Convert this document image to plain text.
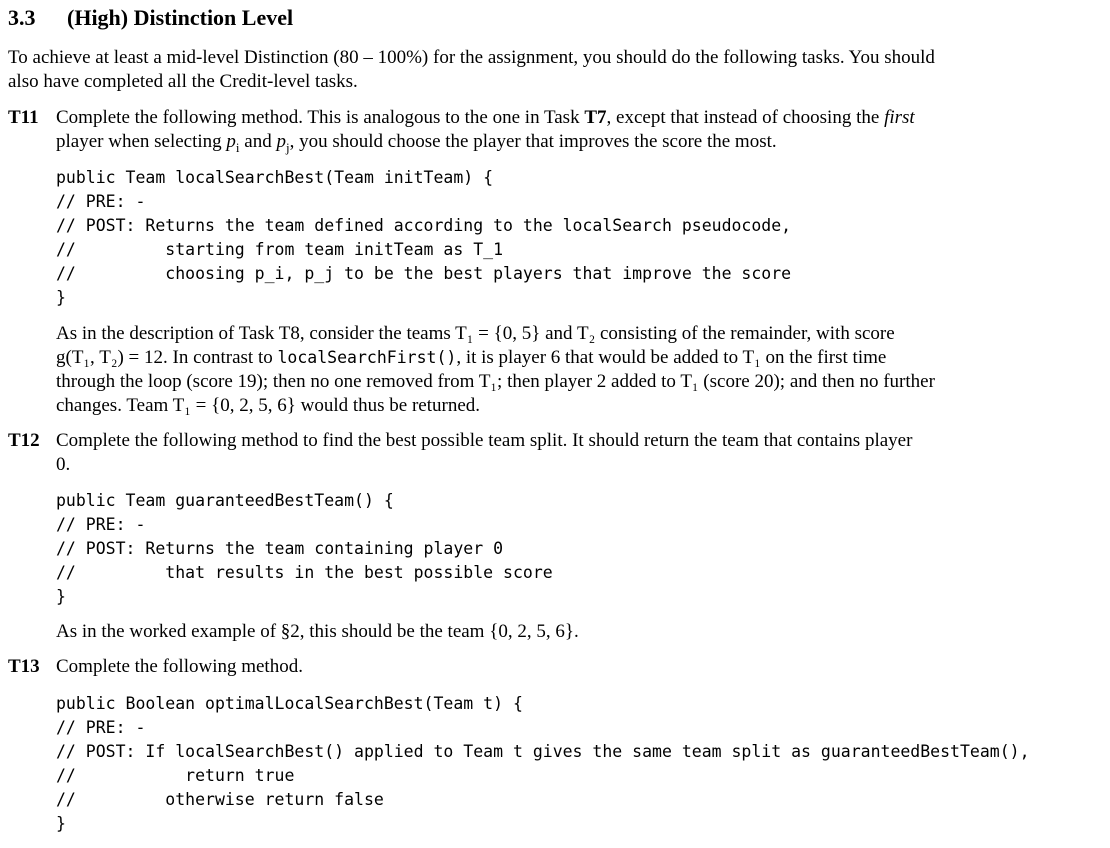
3.3 (High) Distinction Level
To achieve at least a mid-level Distinction (80 – 100%) for the assignment, you should do the following tasks. You should
also have completed all the Credit-level tasks.
T11 Complete the following method. This is analogous to the one in Task T7, except that instead of choosing the first
player when selecting $p_i$ and $p_j$, you should choose the player that improves the score the most.
public Team localSearchBest(Team initTeam) {
// PRE: -
// POST: Returns the team defined according to the localSearch pseudocode,
//         starting from team initTeam as T_1
//         choosing p_i, p_j to be the best players that improve the score
}
As in the description of Task T8, consider the teams T₁ = {0, 5} and T₂ consisting of the remainder, with score
g(T₁, T₂) = 12. In contrast to localSearchFirst(), it is player 6 that would be added to T₁ on the first time
through the loop (score 19); then no one removed from T₁; then player 2 added to T₁ (score 20); and then no further
changes. Team T₁ = {0, 2, 5, 6} would thus be returned.
T12 Complete the following method to find the best possible team split. It should return the team that contains player
0.
public Team guaranteedBestTeam() {
// PRE: -
// POST: Returns the team containing player 0
//         that results in the best possible score
}
As in the worked example of §2, this should be the team {0, 2, 5, 6}.
T13 Complete the following method.
public Boolean optimalLocalSearchBest(Team t) {
// PRE: -
// POST: If localSearchBest() applied to Team t gives the same team split as guaranteedBestTeam(),
//           return true
//         otherwise return false
}
